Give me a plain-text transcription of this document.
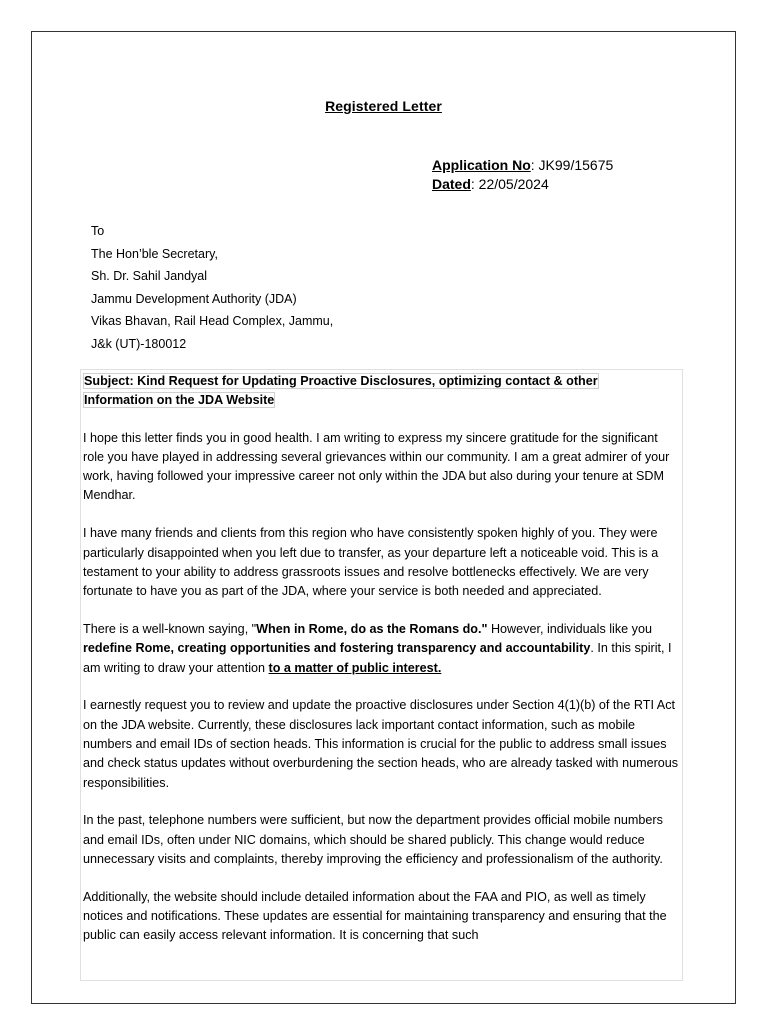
Registered Letter
Application No: JK99/15675
Dated: 22/05/2024
To
The Hon’ble Secretary,
Sh. Dr. Sahil Jandyal
Jammu Development Authority (JDA)
Vikas Bhavan, Rail Head Complex, Jammu,
J&k (UT)-180012
Subject: Kind Request for Updating Proactive Disclosures, optimizing contact & other Information on the JDA Website

I hope this letter finds you in good health. I am writing to express my sincere gratitude for the significant role you have played in addressing several grievances within our community. I am a great admirer of your work, having followed your impressive career not only within the JDA but also during your tenure at SDM Mendhar.

I have many friends and clients from this region who have consistently spoken highly of you. They were particularly disappointed when you left due to transfer, as your departure left a noticeable void. This is a testament to your ability to address grassroots issues and resolve bottlenecks effectively. We are very fortunate to have you as part of the JDA, where your service is both needed and appreciated.

There is a well-known saying, "When in Rome, do as the Romans do." However, individuals like you redefine Rome, creating opportunities and fostering transparency and accountability. In this spirit, I am writing to draw your attention to a matter of public interest.

I earnestly request you to review and update the proactive disclosures under Section 4(1)(b) of the RTI Act on the JDA website. Currently, these disclosures lack important contact information, such as mobile numbers and email IDs of section heads. This information is crucial for the public to address small issues and check status updates without overburdening the section heads, who are already tasked with numerous responsibilities.

In the past, telephone numbers were sufficient, but now the department provides official mobile numbers and email IDs, often under NIC domains, which should be shared publicly. This change would reduce unnecessary visits and complaints, thereby improving the efficiency and professionalism of the authority.

Additionally, the website should include detailed information about the FAA and PIO, as well as timely notices and notifications. These updates are essential for maintaining transparency and ensuring that the public can easily access relevant information. It is concerning that such
